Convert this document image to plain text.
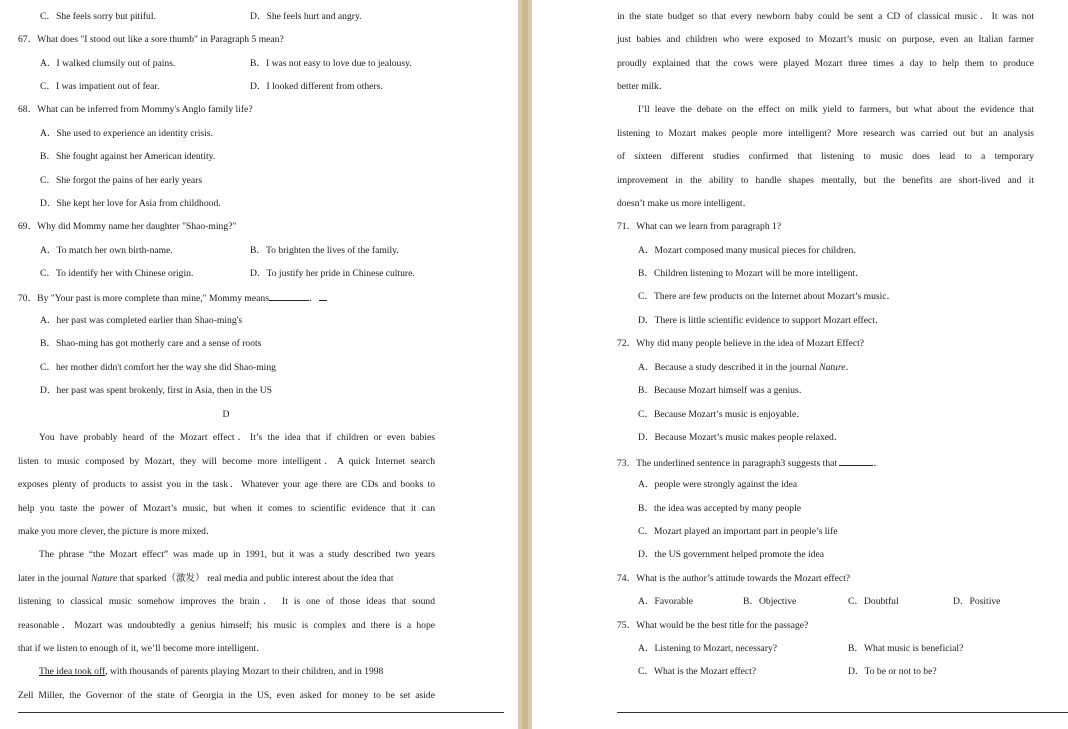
C．She feels sorry but pitiful.	D．She feels hurt and angry.
67．What does "I stood out like a sore thumb" in Paragraph 5 mean?
A．I walked clumsily out of pains.	B．I was not easy to love due to jealousy.
C．I was impatient out of fear.	D．I looked different from others.
68．What can be inferred from Mommy's Anglo family life?
A．She used to experience an identity crisis.
B．She fought against her American identity.
C．She forgot the pains of her early years
D．She kept her love for Asia from childhood.
69．Why did Mommy name her daughter "Shao-ming?"
A．To match her own birth-name.	B．To brighten the lives of the family.
C．To identify her with Chinese origin.	D．To justify her pride in Chinese culture.
70．By "Your past is more complete than mine," Mommy means	．
A．her past was completed earlier than Shao-ming's
B．Shao-ming has got motherly care and a sense of roots
C．her mother didn't comfort her the way she did Shao-ming
D．her past was spent brokenly, first in Asia, then in the US
D
You have probably heard of the Mozart effect．It’s the idea that if children or even babies
listen to music composed by Mozart, they will become more intelligent．A quick Internet search
exposes plenty of products to assist you in the task．Whatever your age there are CDs and books to
help you taste the power of Mozart’s music, but when it comes to scientific evidence that it can
make you more clever, the picture is more mixed．
The phrase “the Mozart effect” was made up in 1991, but it was a study described two years
later in the journal Nature that sparked（激发） real media and public interest about the idea that
listening to classical music somehow improves the brain． It is one of those ideas that sound
reasonable．Mozart was undoubtedly a genius himself; his music is complex and there is a hope
that if we listen to enough of it, we’ll become more intelligent．
The idea took off, with thousands of parents playing Mozart to their children, and in 1998
Zell Miller, the Governor of the state of Georgia in the US, even asked for money to be set aside
in the state budget so that every newborn baby could be sent a CD of classical music．It was not
just babies and children who were exposed to Mozart’s music on purpose, even an Italian farmer
proudly explained that the cows were played Mozart three times a day to help them to produce
better milk．
I’ll leave the debate on the effect on milk yield to farmers, but what about the evidence that
listening to Mozart makes people more intelligent? More research was carried out but an analysis
of sixteen different studies confirmed that listening to music does lead to a temporary
improvement in the ability to handle shapes mentally, but the benefits are short-lived and it
doesn’t make us more intelligent．
71．What can we learn from paragraph 1?
A．Mozart composed many musical pieces for children．
B．Children listening to Mozart will be more intelligent．
C．There are few products on the Internet about Mozart’s music．
D．There is little scientific evidence to support Mozart effect．
72．Why did many people believe in the idea of Mozart Effect?
A．Because a study described it in the journal Nature．
B．Because Mozart himself was a genius．
C．Because Mozart’s music is enjoyable．
D．Because Mozart’s music makes people relaxed．
73．The underlined sentence in paragraph3 suggests that	．
A．people were strongly against the idea
B．the idea was accepted by many people
C．Mozart played an important part in people’s life
D．the US government helped promote the idea
74．What is the author’s attitude towards the Mozart effect?
A．Favorable	B．Objective	C．Doubtful	D．Positive
75．What would be the best title for the passage?
A．Listening to Mozart, necessary?	B．What music is beneficial?
C．What is the Mozart effect?	D．To be or not to be?
